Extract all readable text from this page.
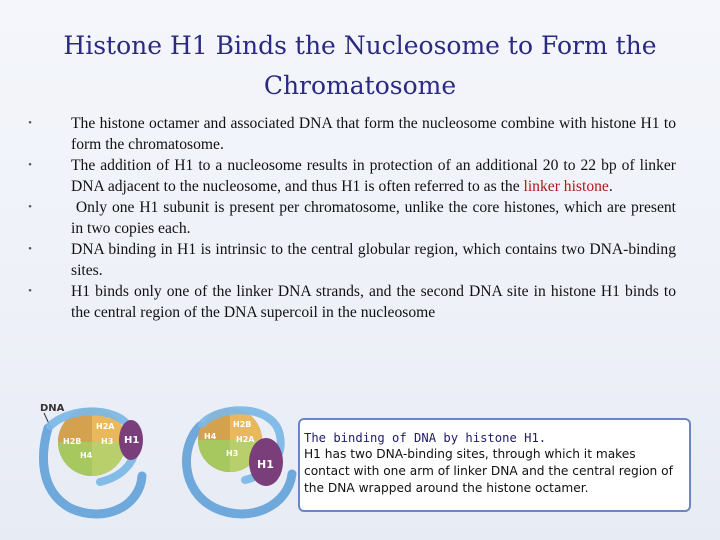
Histone H1 Binds the Nucleosome to Form the Chromatosome
•	The histone octamer and associated DNA that form the nucleosome combine with histone H1 to form the chromatosome.
•	The addition of H1 to a nucleosome results in protection of an additional 20 to 22 bp of linker DNA adjacent to the nucleosome, and thus H1 is often referred to as the linker histone.
•	Only one H1 subunit is present per chromatosome, unlike the core histones, which are present in two copies each.
•	DNA binding in H1 is intrinsic to the central globular region, which contains two DNA-binding sites.
•	H1 binds only one of the linker DNA strands, and the second DNA site in histone H1 binds to the central region of the DNA supercoil in the nucleosome
DNA
H2A
H2B H3
H4
H1
H2B
H4 H2A
H3
H1
The binding of DNA by histone H1.
H1 has two DNA-binding sites, through which it makes contact with one arm of linker DNA and the central region of the DNA wrapped around the histone octamer.
